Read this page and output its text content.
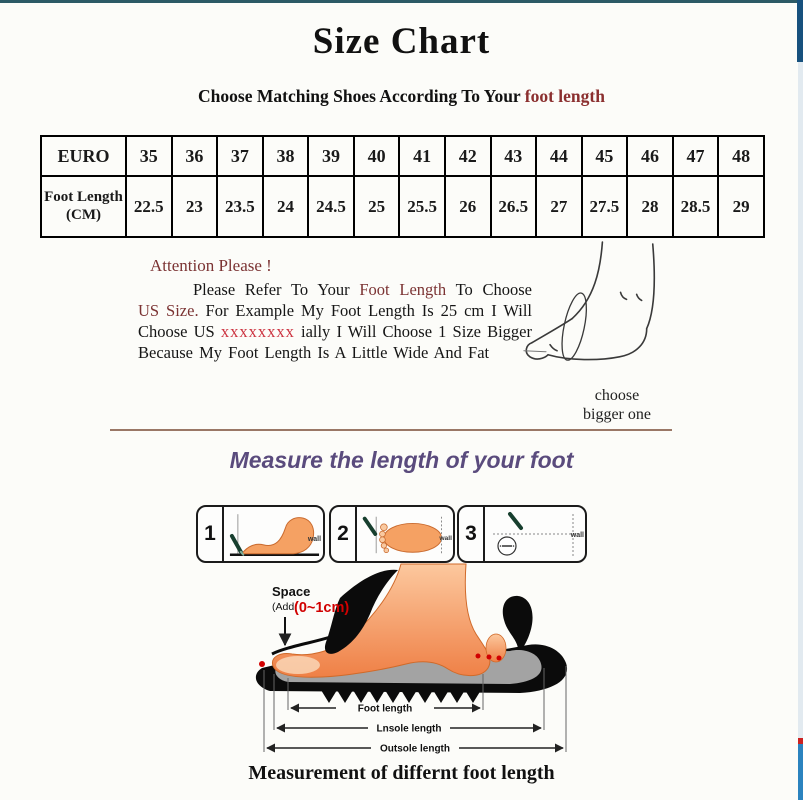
Size Chart
Choose Matching Shoes According To Your foot length
EURO	35	36	37	38	39	40	41	42	43	44	45	46	47	48
Foot Length (CM)	22.5	23	23.5	24	24.5	25	25.5	26	26.5	27	27.5	28	28.5	29

Attention Please !

Please Refer To Your Foot Length To Choose US Size. For Example My Foot Length Is 25 cm I Will Choose US xxxxxxxx ially I Will Choose 1 Size Bigger Because My Foot Length Is A Little Wide And Fat

choose
bigger one
Measure the length of your foot
1	wall 2	wall 3	wall
Space
(Add (0~1cm)
Foot length
Lnsole length
Outsole length
Measurement of differnt foot length
